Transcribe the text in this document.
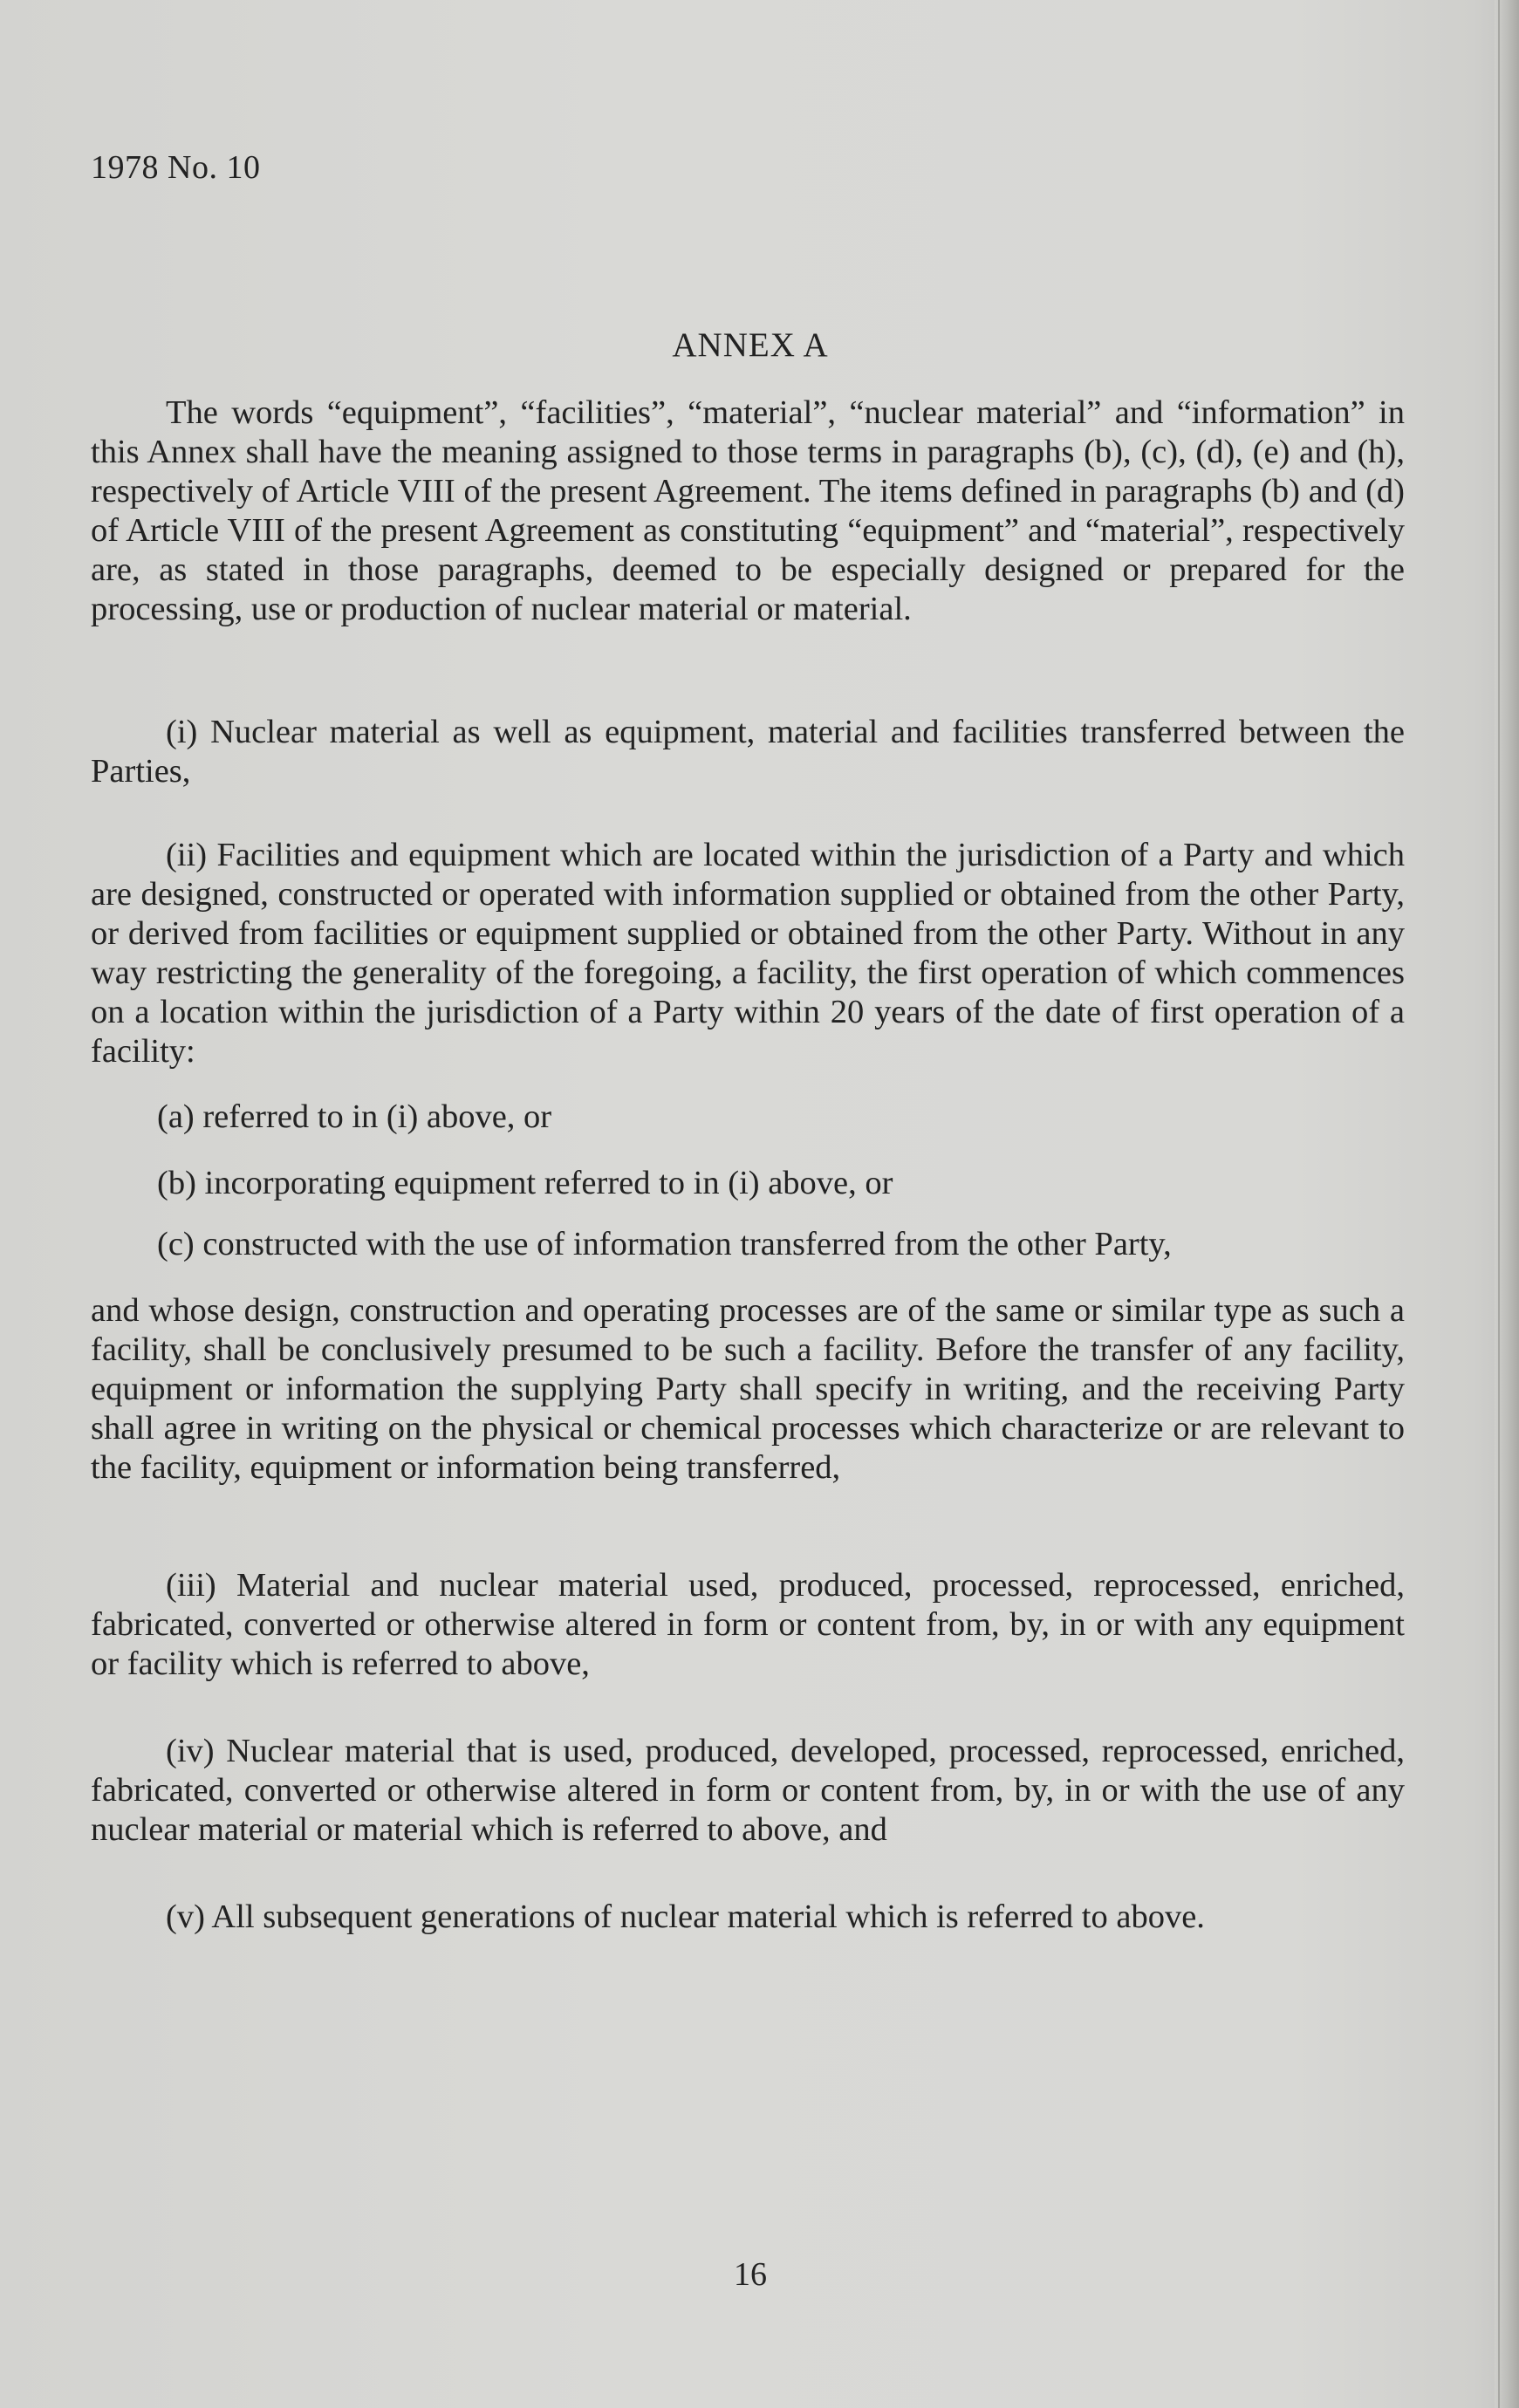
1978 No. 10

ANNEX A

The words “equipment”, “facilities”, “material”, “nuclear material” and “information” in this Annex shall have the meaning assigned to those terms in paragraphs (b), (c), (d), (e) and (h), respectively of Article VIII of the present Agreement. The items defined in paragraphs (b) and (d) of Article VIII of the present Agreement as constituting “equipment” and “material”, respectively are, as stated in those paragraphs, deemed to be especially designed or prepared for the processing, use or production of nuclear material or material.

(i) Nuclear material as well as equipment, material and facilities transferred between the Parties,

(ii) Facilities and equipment which are located within the jurisdiction of a Party and which are designed, constructed or operated with information supplied or obtained from the other Party, or derived from facilities or equipment supplied or obtained from the other Party. Without in any way restricting the generality of the foregoing, a facility, the first operation of which commences on a location within the jurisdiction of a Party within 20 years of the date of first operation of a facility:

(a) referred to in (i) above, or

(b) incorporating equipment referred to in (i) above, or

(c) constructed with the use of information transferred from the other Party,

and whose design, construction and operating processes are of the same or similar type as such a facility, shall be conclusively presumed to be such a facility. Before the transfer of any facility, equipment or information the supplying Party shall specify in writing, and the receiving Party shall agree in writing on the physical or chemical processes which characterize or are relevant to the facility, equipment or information being transferred,

(iii) Material and nuclear material used, produced, processed, reprocessed, enriched, fabricated, converted or otherwise altered in form or content from, by, in or with any equipment or facility which is referred to above,

(iv) Nuclear material that is used, produced, developed, processed, reprocessed, enriched, fabricated, converted or otherwise altered in form or content from, by, in or with the use of any nuclear material or material which is referred to above, and

(v) All subsequent generations of nuclear material which is referred to above.

16
